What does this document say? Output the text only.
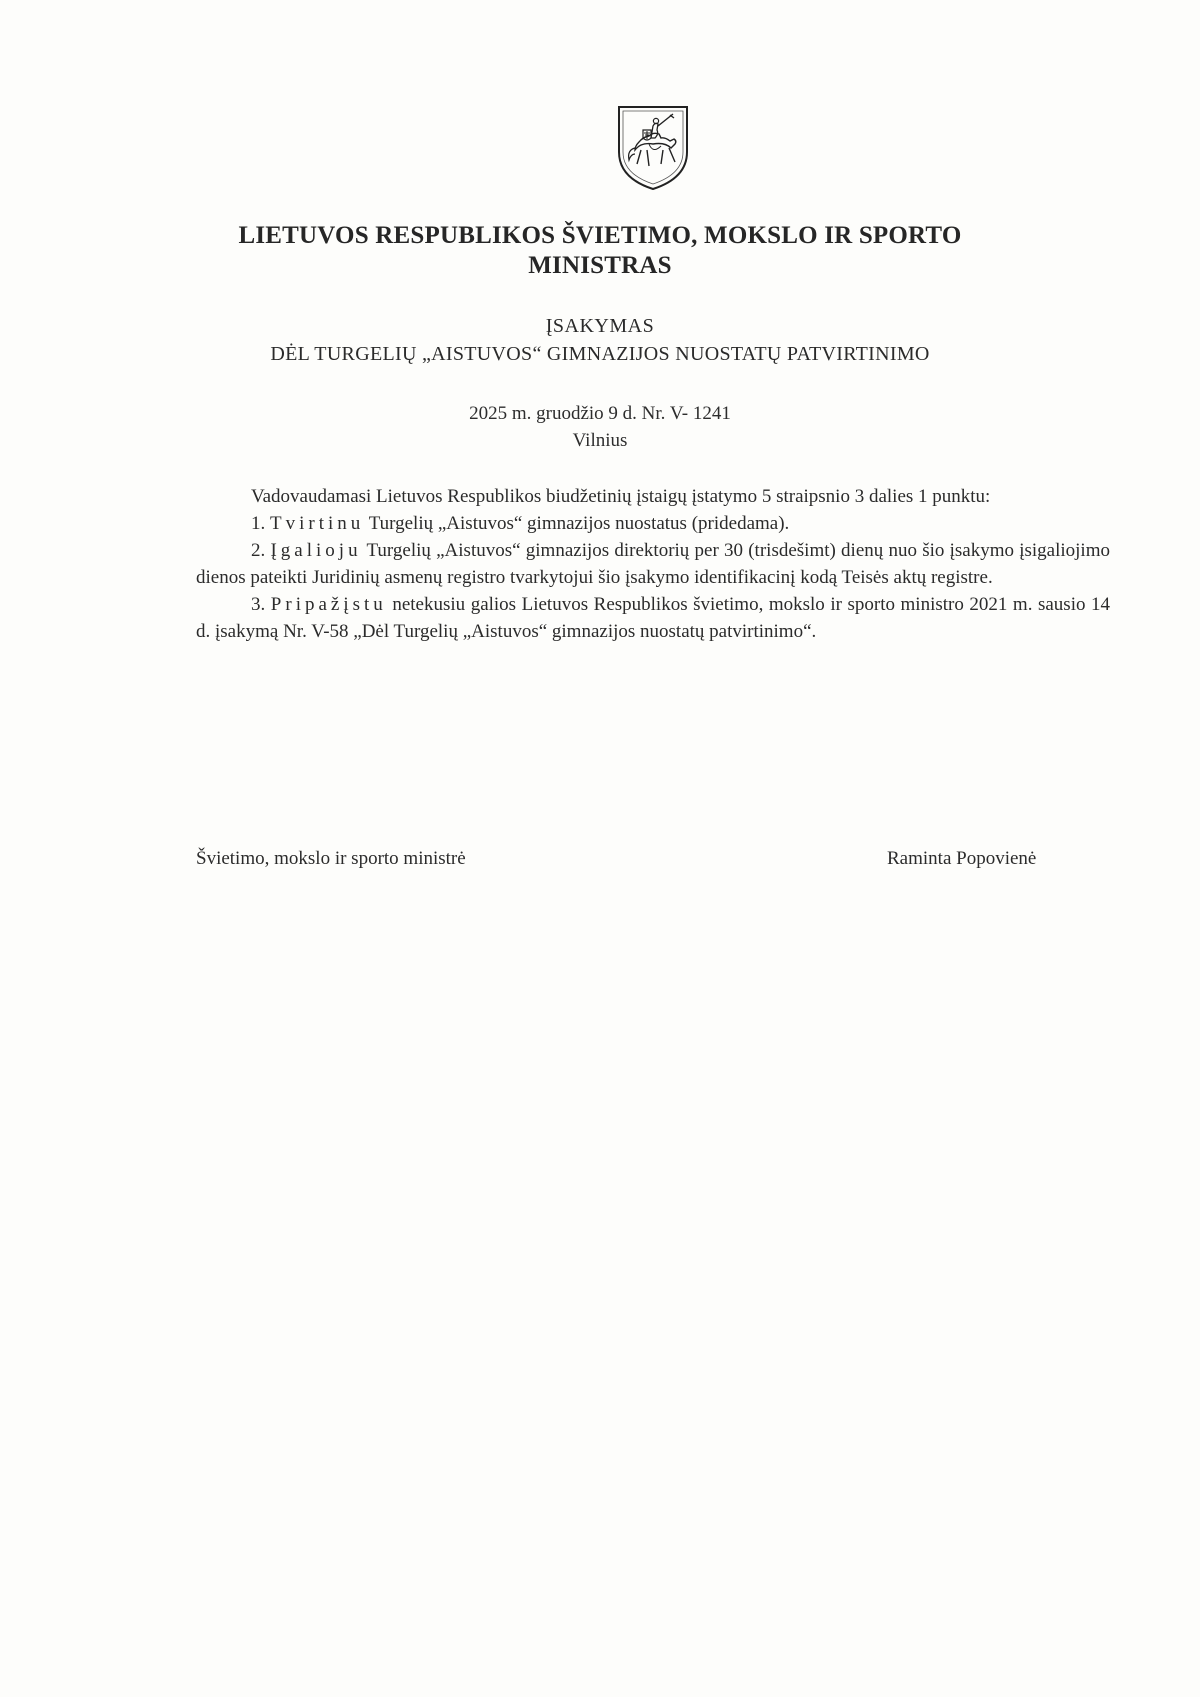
LIETUVOS RESPUBLIKOS ŠVIETIMO, MOKSLO IR SPORTO
MINISTRAS
ĮSAKYMAS
DĖL TURGELIŲ „AISTUVOS“ GIMNAZIJOS NUOSTATŲ PATVIRTINIMO
2025 m. gruodžio 9 d. Nr. V- 1241
Vilnius

Vadovaudamasi Lietuvos Respublikos biudžetinių įstaigų įstatymo 5 straipsnio 3 dalies 1 punktu:

1. Tvirtinu Turgelių „Aistuvos“ gimnazijos nuostatus (pridedama).

2. Įgalioju Turgelių „Aistuvos“ gimnazijos direktorių per 30 (trisdešimt) dienų nuo šio įsakymo įsigaliojimo dienos pateikti Juridinių asmenų registro tvarkytojui šio įsakymo identifikacinį kodą Teisės aktų registre.

3. Pripažįstu netekusiu galios Lietuvos Respublikos švietimo, mokslo ir sporto ministro 2021 m. sausio 14 d. įsakymą Nr. V-58 „Dėl Turgelių „Aistuvos“ gimnazijos nuostatų patvirtinimo“.

Švietimo, mokslo ir sporto ministrė	Raminta Popovienė
